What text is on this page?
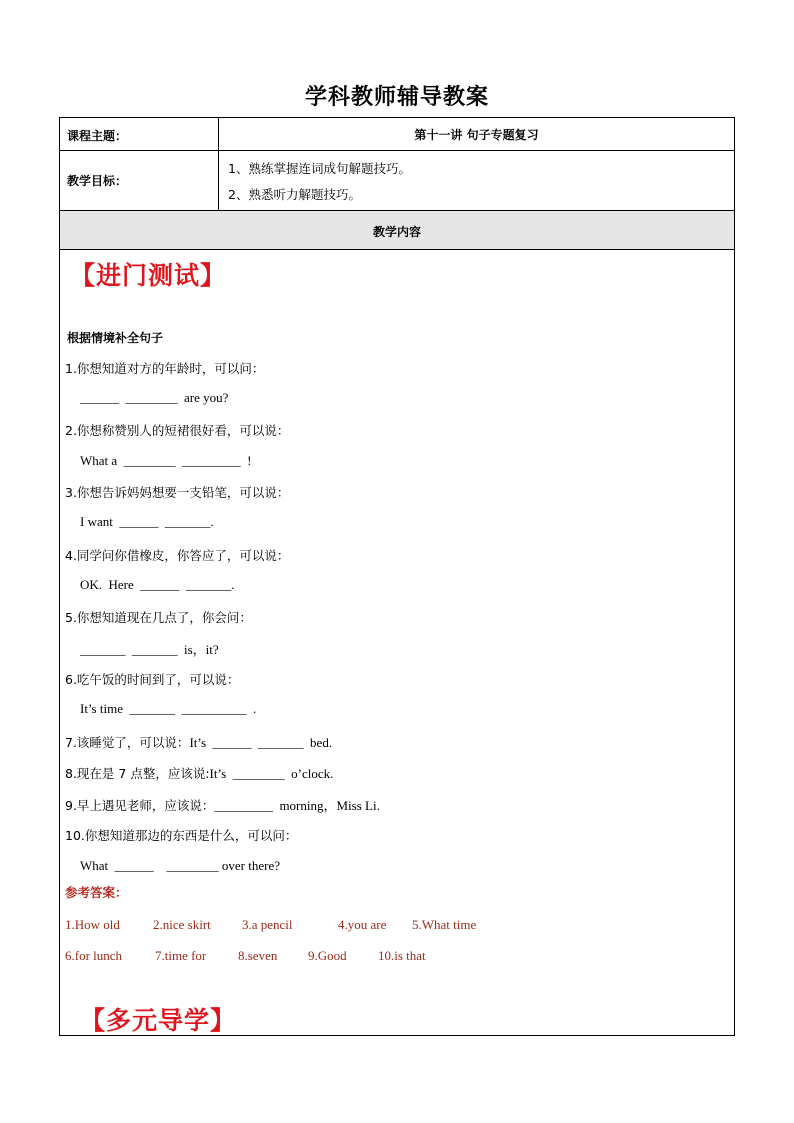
学科教师辅导教案
课程主题：	第十一讲 句子专题复习
教学目标：
1、熟练掌握连词成句解题技巧。
2、熟悉听力解题技巧。
教学内容
【进门测试】
根据情境补全句子
1.你想知道对方的年龄时，可以问：
______  ________  are you?
2.你想称赞别人的短裙很好看，可以说：
What a  ________  _________  !
3.你想告诉妈妈想要一支铅笔，可以说：
I want  ______  _______.
4.同学问你借橡皮，你答应了，可以说：
OK.  Here  ______  _______.
5.你想知道现在几点了，你会问：
_______  _______  is，it?
6.吃午饭的时间到了，可以说：
It’s time  _______  __________  .
7.该睡觉了，可以说：It’s  ______  _______  bed.
8.现在是 7 点整，应该说:It’s  ________  o’clock.
9.早上遇见老师，应该说：_________  morning，Miss Li.
10.你想知道那边的东西是什么，可以问：
What  ______    ________ over there?
参考答案：
1.How old	2.nice skirt 3.a pencil	4.you are 5.What time
6.for lunch	7.time for 8.seven 9.Good 10.is that
【多元导学】
